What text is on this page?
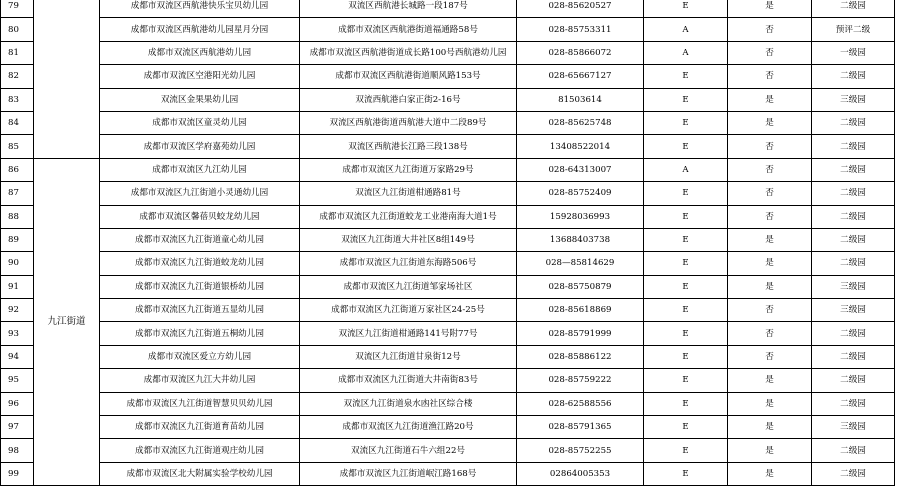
79		成都市双流区西航港快乐宝贝幼儿园	双流区西航港长城路一段187号	028-85620527	E	是	二级园
80		成都市双流区西航港幼儿园星月分园	成都市双流区西航港街道福通路58号	028-85753311	A	否	预评二级
81		成都市双流区西航港幼儿园	成都市双流区西航港街道成长路100号西航港幼儿园	028-85866072	A	否	一级园
82		成都市双流区空港阳光幼儿园	成都市双流区西航港街道顺风路153号	028-65667127	E	否	二级园
83		双流区金果果幼儿园	双流西航港白家正街2-16号	81503614	E	是	三级园
84		成都市双流区童灵幼儿园	双流区西航港街道西航港大道中二段89号	028-85625748	E	是	二级园
85		成都市双流区学府嘉苑幼儿园	双流区西航港长江路三段138号	13408522014	E	否	二级园
86	九江街道	成都市双流区九江幼儿园	成都市双流区九江街道万家路29号	028-64313007	A	否	二级园
87		成都市双流区九江街道小灵通幼儿园	双流区九江街道柑通路81号	028-85752409	E	否	二级园
88		成都市双流区馨蓓贝蛟龙幼儿园	成都市双流区九江街道蛟龙工业港南海大道1号	15928036993	E	否	二级园
89		成都市双流区九江街道童心幼儿园	双流区九江街道大井社区8组149号	13688403738	E	是	二级园
90		成都市双流区九江街道蛟龙幼儿园	成都市双流区九江街道东海路506号	028—85814629	E	是	二级园
91		成都市双流区九江街道银桥幼儿园	成都市双流区九江街道邹家场社区	028-85750879	E	是	三级园
92		成都市双流区九江街道五显幼儿园	成都市双流区九江街道万家社区24-25号	028-85618869	E	否	三级园
93		成都市双流区九江街道五桐幼儿园	双流区九江街道柑通路141号附77号	028-85791999	E	否	二级园
94		成都市双流区爱立方幼儿园	双流区九江街道甘泉街12号	028-85886122	E	否	二级园
95		成都市双流区九江大井幼儿园	成都市双流区九江街道大井南街83号	028-85759222	E	是	二级园
96		成都市双流区九江街道智慧贝贝幼儿园	双流区九江街道泉水凼社区综合楼	028-62588556	E	是	二级园
97		成都市双流区九江街道育苗幼儿园	成都市双流区九江街道渔江路20号	028-85791365	E	是	三级园
98		成都市双流区九江街道观庄幼儿园	双流区九江街道石牛六组22号	028-85752255	E	是	二级园
99		成都市双流区北大附属实验学校幼儿园	成都市双流区九江街道岷江路168号	02864005353	E	是	二级园
